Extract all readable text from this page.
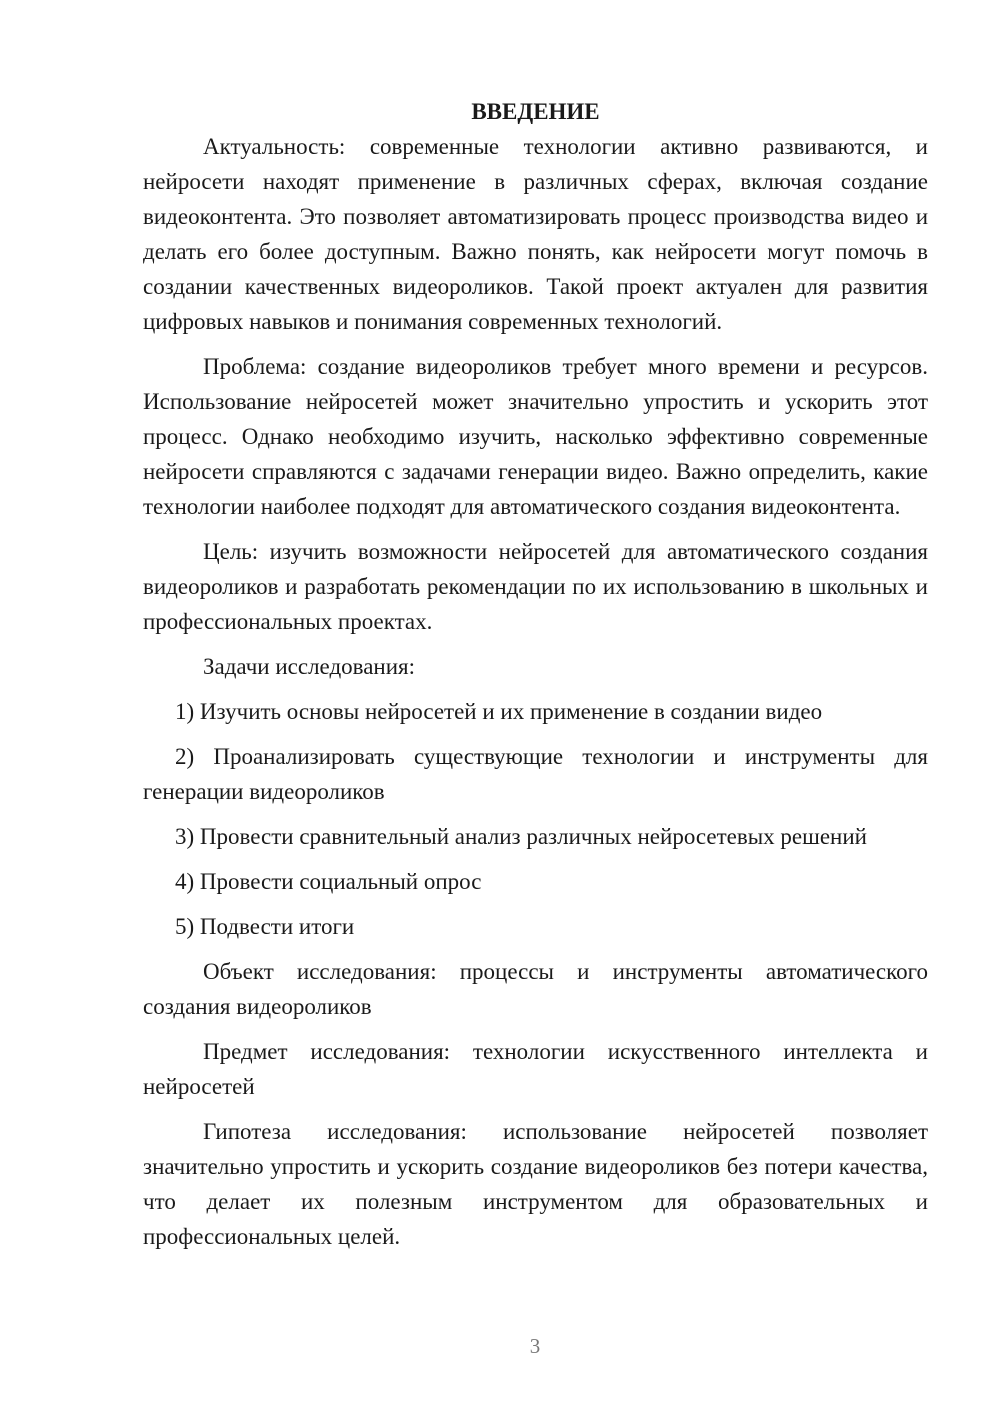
ВВЕДЕНИЕ

Актуальность: современные технологии активно развиваются, и нейросети находят применение в различных сферах, включая создание видеоконтента. Это позволяет автоматизировать процесс производства видео и делать его более доступным. Важно понять, как нейросети могут помочь в создании качественных видеороликов. Такой проект актуален для развития цифровых навыков и понимания современных технологий.

Проблема: создание видеороликов требует много времени и ресурсов. Использование нейросетей может значительно упростить и ускорить этот процесс. Однако необходимо изучить, насколько эффективно современные нейросети справляются с задачами генерации видео. Важно определить, какие технологии наиболее подходят для автоматического создания видеоконтента.

Цель: изучить возможности нейросетей для автоматического создания видеороликов и разработать рекомендации по их использованию в школьных и профессиональных проектах.

Задачи исследования:

1) Изучить основы нейросетей и их применение в создании видео

2) Проанализировать существующие технологии и инструменты для генерации видеороликов

3) Провести сравнительный анализ различных нейросетевых решений

4) Провести социальный опрос

5) Подвести итоги

Объект исследования: процессы и инструменты автоматического создания видеороликов

Предмет исследования: технологии искусственного интеллекта и нейросетей

Гипотеза исследования: использование нейросетей позволяет значительно упростить и ускорить создание видеороликов без потери качества, что делает их полезным инструментом для образовательных и профессиональных целей.

3
